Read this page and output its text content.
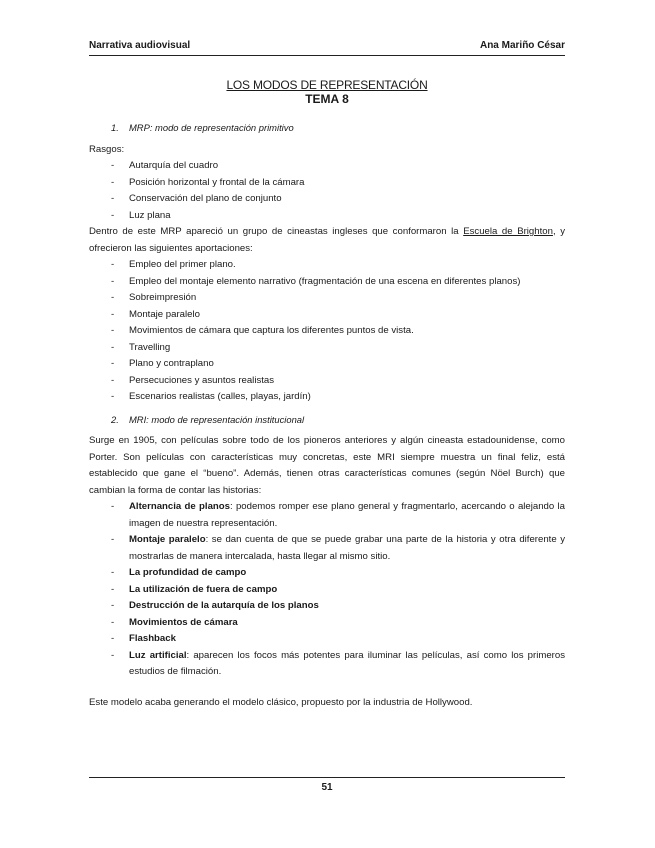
Narrativa audiovisual	Ana Mariño César
LOS MODOS DE REPRESENTACIÓN
TEMA 8
1. MRP: modo de representación primitivo

Rasgos:

- Autarquía del cuadro
- Posición horizontal y frontal de la cámara
- Conservación del plano de conjunto
- Luz plana

Dentro de este MRP apareció un grupo de cineastas ingleses que conformaron la Escuela de Brighton, y ofrecieron las siguientes aportaciones:

- Empleo del primer plano.
- Empleo del montaje elemento narrativo (fragmentación de una escena en diferentes planos)
- Sobreimpresión
- Montaje paralelo
- Movimientos de cámara que captura los diferentes puntos de vista.
- Travelling
- Plano y contraplano
- Persecuciones y asuntos realistas
- Escenarios realistas (calles, playas, jardín)
2. MRI: modo de representación institucional

Surge en 1905, con películas sobre todo de los pioneros anteriores y algún cineasta estadounidense, como Porter. Son películas con características muy concretas, este MRI siempre muestra un final feliz, está establecido que gane el “bueno”. Además, tienen otras características comunes (según Nöel Burch) que cambian la forma de contar las historias:

- Alternancia de planos: podemos romper ese plano general y fragmentarlo, acercando o alejando la imagen de nuestra representación.
- Montaje paralelo: se dan cuenta de que se puede grabar una parte de la historia y otra diferente y mostrarlas de manera intercalada, hasta llegar al mismo sitio.
- La profundidad de campo
- La utilización de fuera de campo
- Destrucción de la autarquía de los planos
- Movimientos de cámara
- Flashback
- Luz artificial: aparecen los focos más potentes para iluminar las películas, así como los primeros estudios de filmación.

Este modelo acaba generando el modelo clásico, propuesto por la industria de Hollywood.

51
